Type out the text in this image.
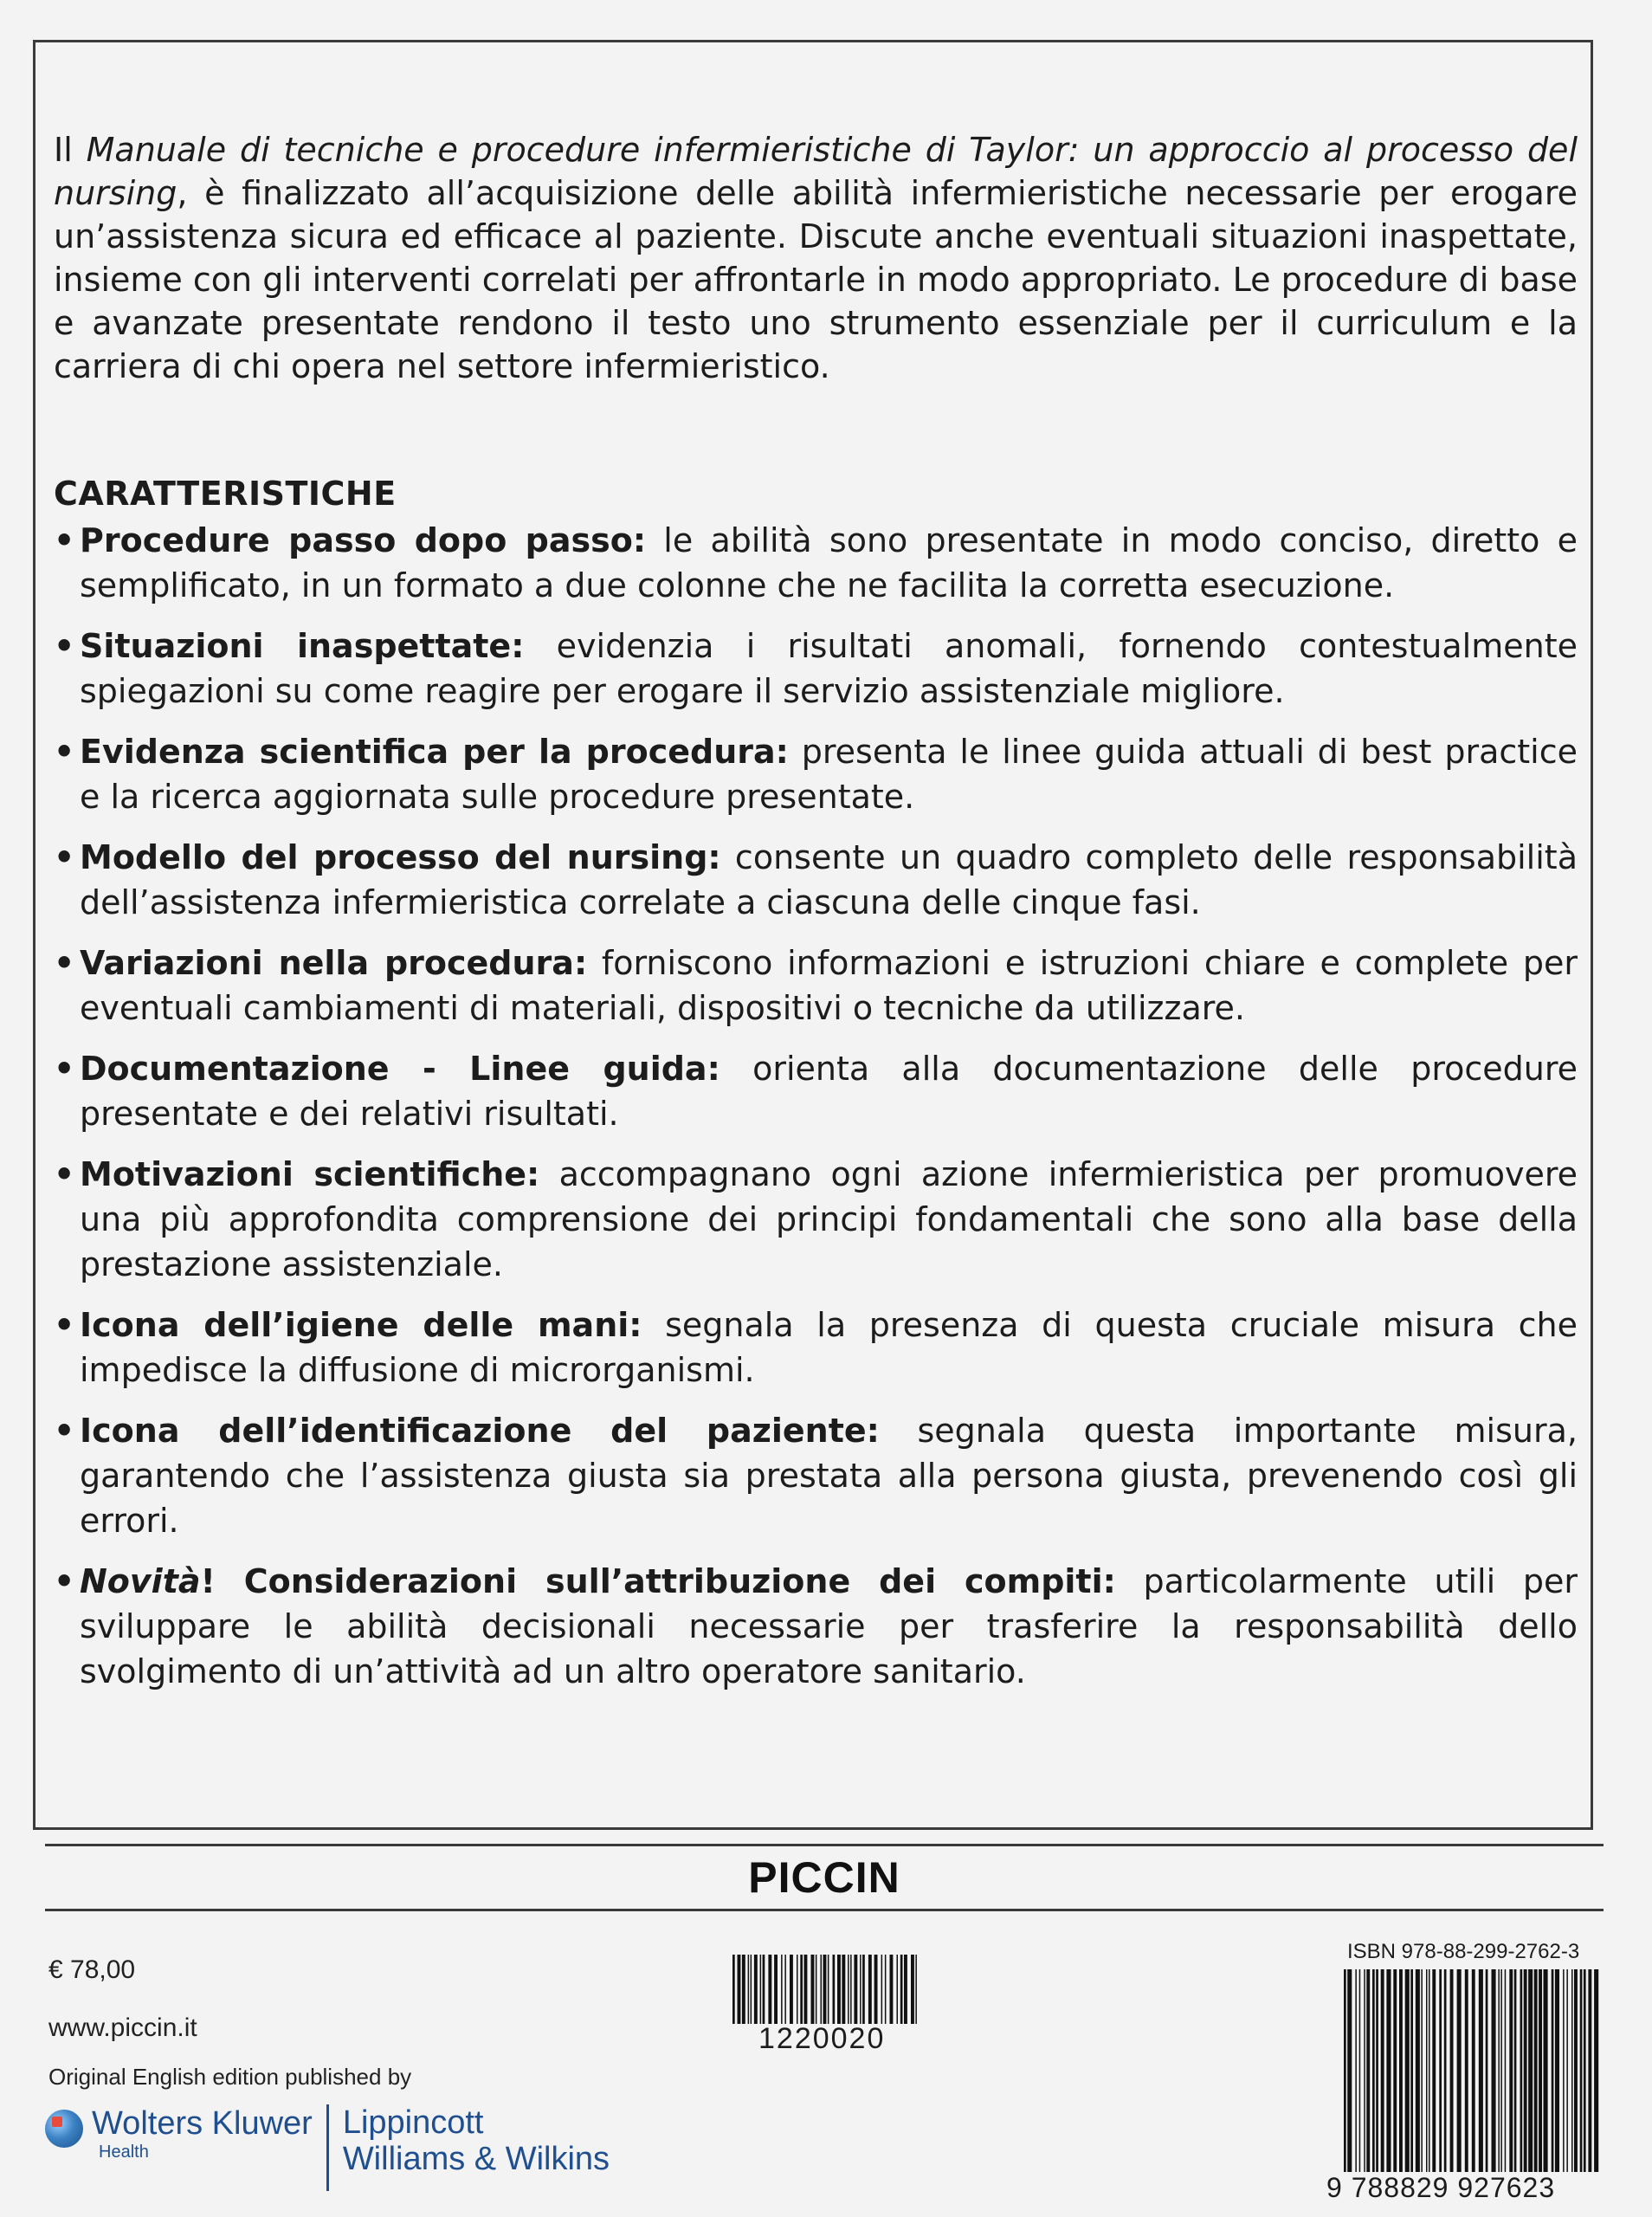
Il Manuale di tecniche e procedure infermieristiche di Taylor: un approccio al processo del nursing, è finalizzato all’acquisizione delle abilità infermieristiche necessarie per erogare un’assistenza sicura ed efficace al paziente. Discute anche eventuali situazioni inaspettate, insieme con gli interventi correlati per affrontarle in modo appropriato. Le procedure di base e avanzate presentate rendono il testo uno strumento essenziale per il curriculum e la carriera di chi opera nel settore infermieristico.

CARATTERISTICHE
• Procedure passo dopo passo: le abilità sono presentate in modo conciso, diretto e semplificato, in un formato a due colonne che ne facilita la corretta esecuzione.
• Situazioni inaspettate: evidenzia i risultati anomali, fornendo contestualmente spiegazioni su come reagire per erogare il servizio assistenziale migliore.
• Evidenza scientifica per la procedura: presenta le linee guida attuali di best practice e la ricerca aggiornata sulle procedure presentate.
• Modello del processo del nursing: consente un quadro completo delle responsabilità dell’assistenza infermieristica correlate a ciascuna delle cinque fasi.
• Variazioni nella procedura: forniscono informazioni e istruzioni chiare e complete per eventuali cambiamenti di materiali, dispositivi o tecniche da utilizzare.
• Documentazione - Linee guida: orienta alla documentazione delle procedure presentate e dei relativi risultati.
• Motivazioni scientifiche: accompagnano ogni azione infermieristica per promuovere una più approfondita comprensione dei principi fondamentali che sono alla base della prestazione assistenziale.
• Icona dell’igiene delle mani: segnala la presenza di questa cruciale misura che impedisce la diffusione di microrganismi.
• Icona dell’identificazione del paziente: segnala questa importante misura, garantendo che l’assistenza giusta sia prestata alla persona giusta, prevenendo così gli errori.
• Novità! Considerazioni sull’attribuzione dei compiti: particolarmente utili per sviluppare le abilità decisionali necessarie per trasferire la responsabilità dello svolgimento di un’attività ad un altro operatore sanitario.
PICCIN
€ 78,00
www.piccin.it
Original English edition published by
Wolters Kluwer
Health
Lippincott
Williams & Wilkins
1220020
ISBN 978-88-299-2762-3
9 788829 927623
